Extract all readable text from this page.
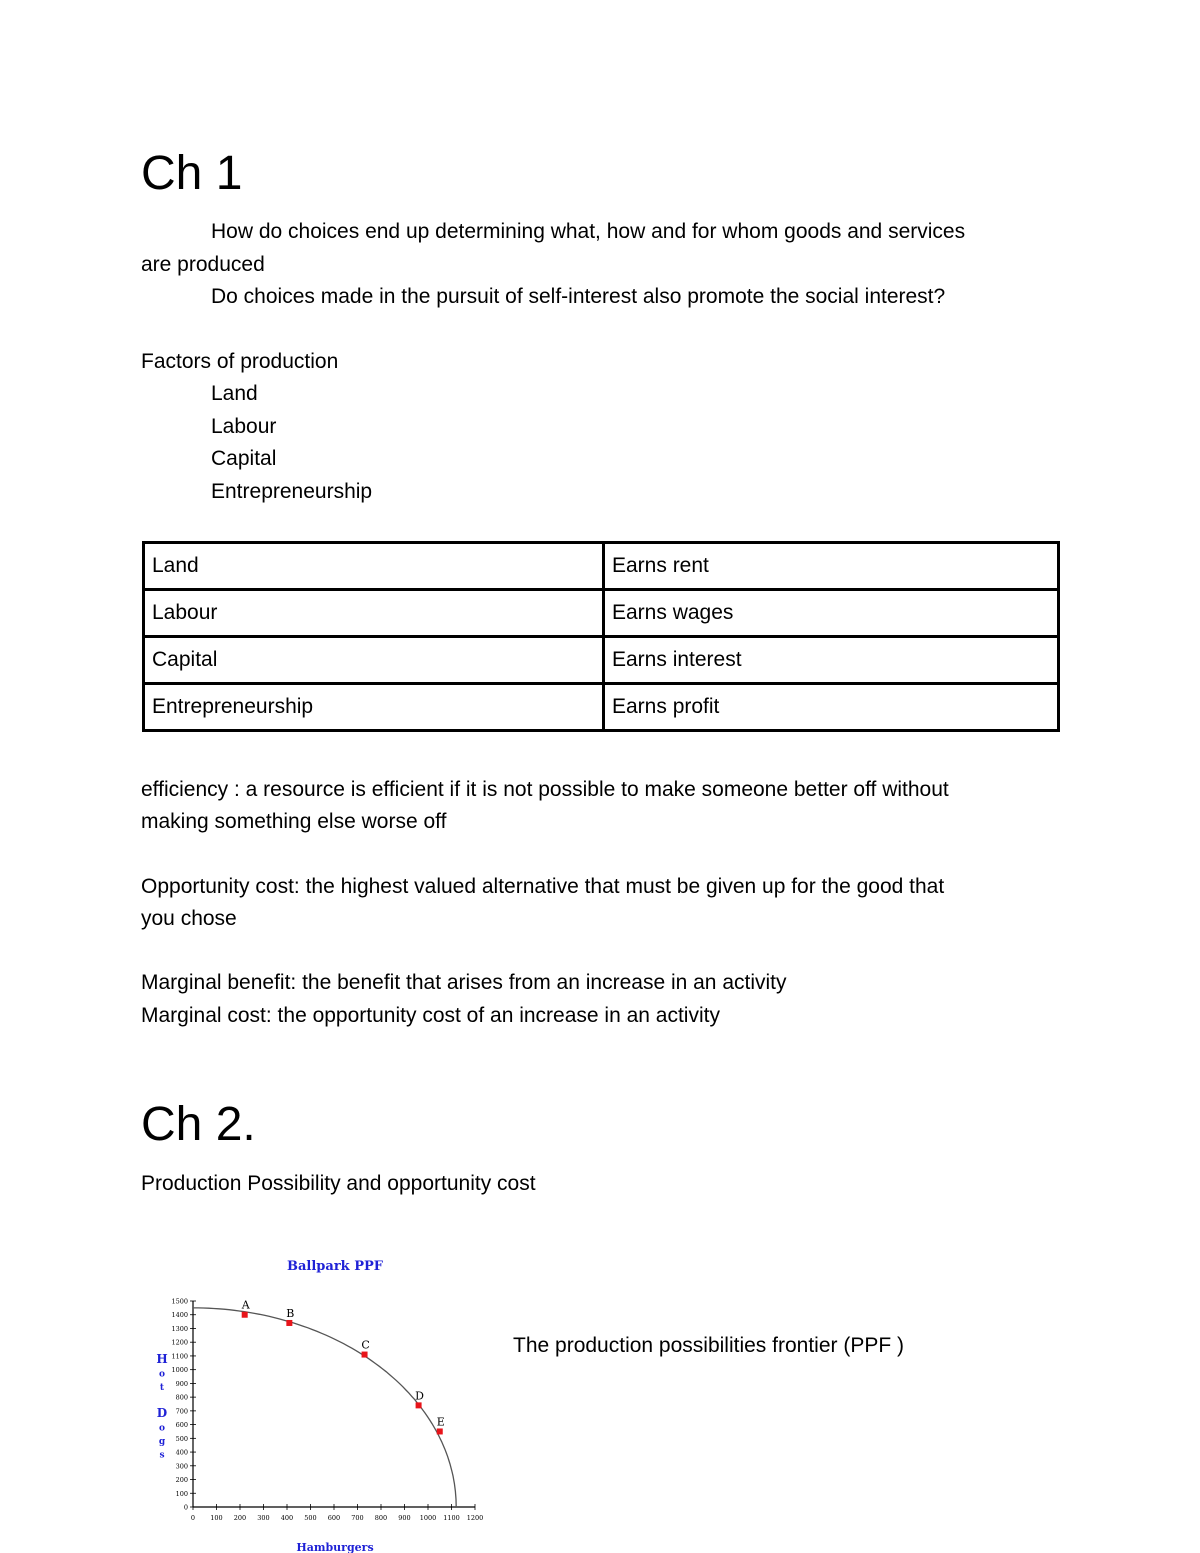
Ch 1
How do choices end up determining what, how and for whom goods and services
are produced
Do choices made in the pursuit of self-interest also promote the social interest?
Factors of production
Land
Labour
Capital
Entrepreneurship
Land	Earns rent
Labour	Earns wages
Capital	Earns interest
Entrepreneurship	Earns profit
efficiency : a resource is efficient if it is not possible to make someone better off without
making something else worse off
Opportunity cost: the highest valued alternative that must be given up for the good that
you chose
Marginal benefit: the benefit that arises from an increase in an activity
Marginal cost: the opportunity cost of an increase in an activity
Ch 2.
Production Possibility and opportunity cost
Ballpark PPF
0
100
200
300
400
500
600
700
800
900
1000
1100
1200
1300
1400
1500
0 100 200 300 400 500 600 700 800 900 1000 1100 1200
H
o
t
D
o
g
s
Hamburgers
A
B
C
D
E
The production possibilities frontier (PPF )
